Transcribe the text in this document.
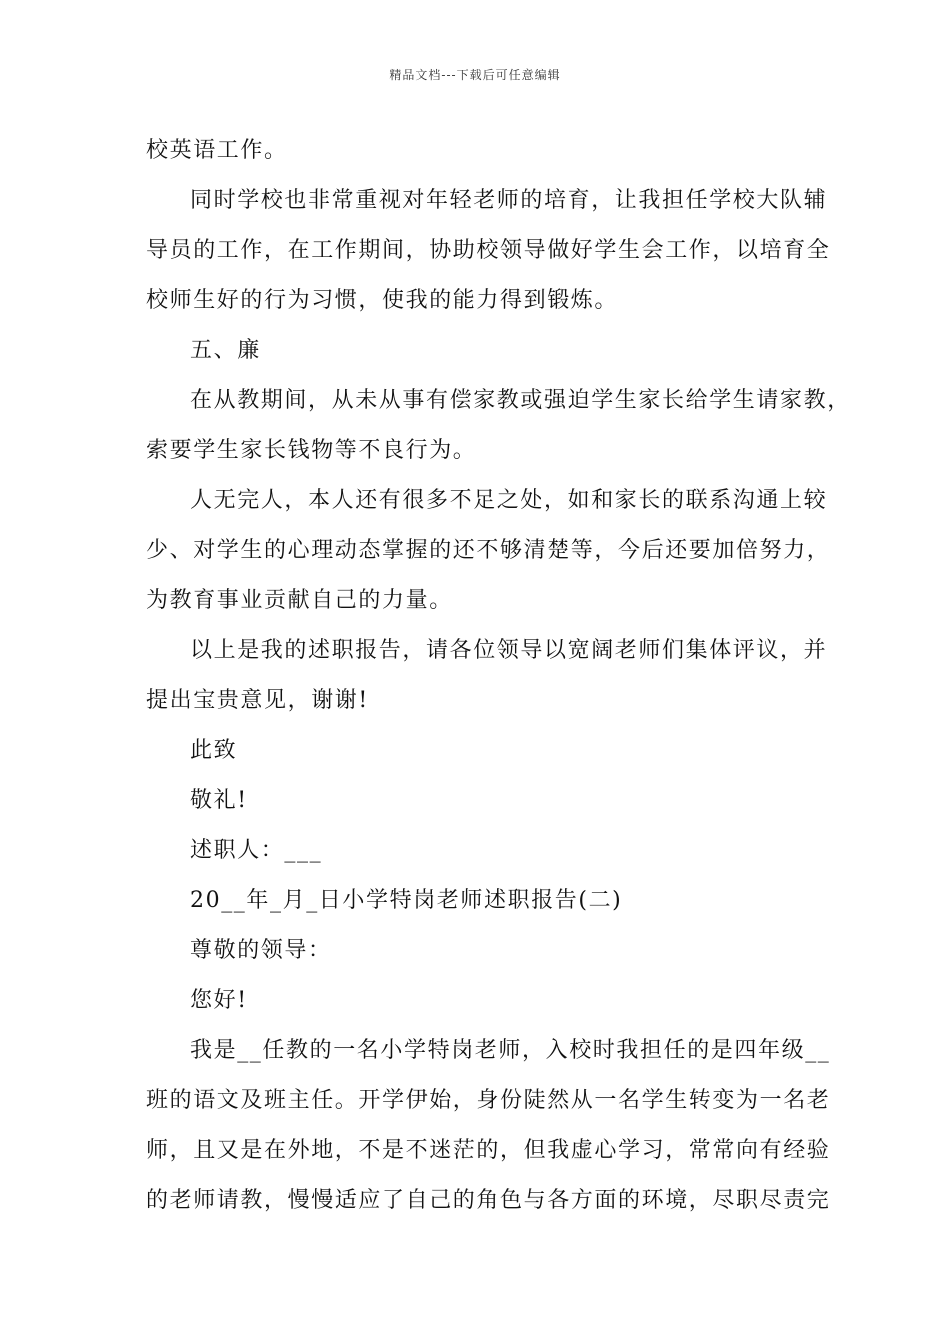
精品文档---下载后可任意编辑
校英语工作。
同时学校也非常重视对年轻老师的培育，让我担任学校大队辅
导员的工作，在工作期间，协助校领导做好学生会工作，以培育全
校师生好的行为习惯，使我的能力得到锻炼。
五、廉
在从教期间，从未从事有偿家教或强迫学生家长给学生请家教，
索要学生家长钱物等不良行为。
人无完人，本人还有很多不足之处，如和家长的联系沟通上较
少、对学生的心理动态掌握的还不够清楚等，今后还要加倍努力，
为教育事业贡献自己的力量。
以上是我的述职报告，请各位领导以宽阔老师们集体评议，并
提出宝贵意见，谢谢!
此致
敬礼!
述职人：___
20__年_月_日小学特岗老师述职报告(二)
尊敬的领导：
您好!
我是__任教的一名小学特岗老师，入校时我担任的是四年级__
班的语文及班主任。开学伊始，身份陡然从一名学生转变为一名老
师，且又是在外地，不是不迷茫的，但我虚心学习，常常向有经验
的老师请教，慢慢适应了自己的角色与各方面的环境，尽职尽责完
